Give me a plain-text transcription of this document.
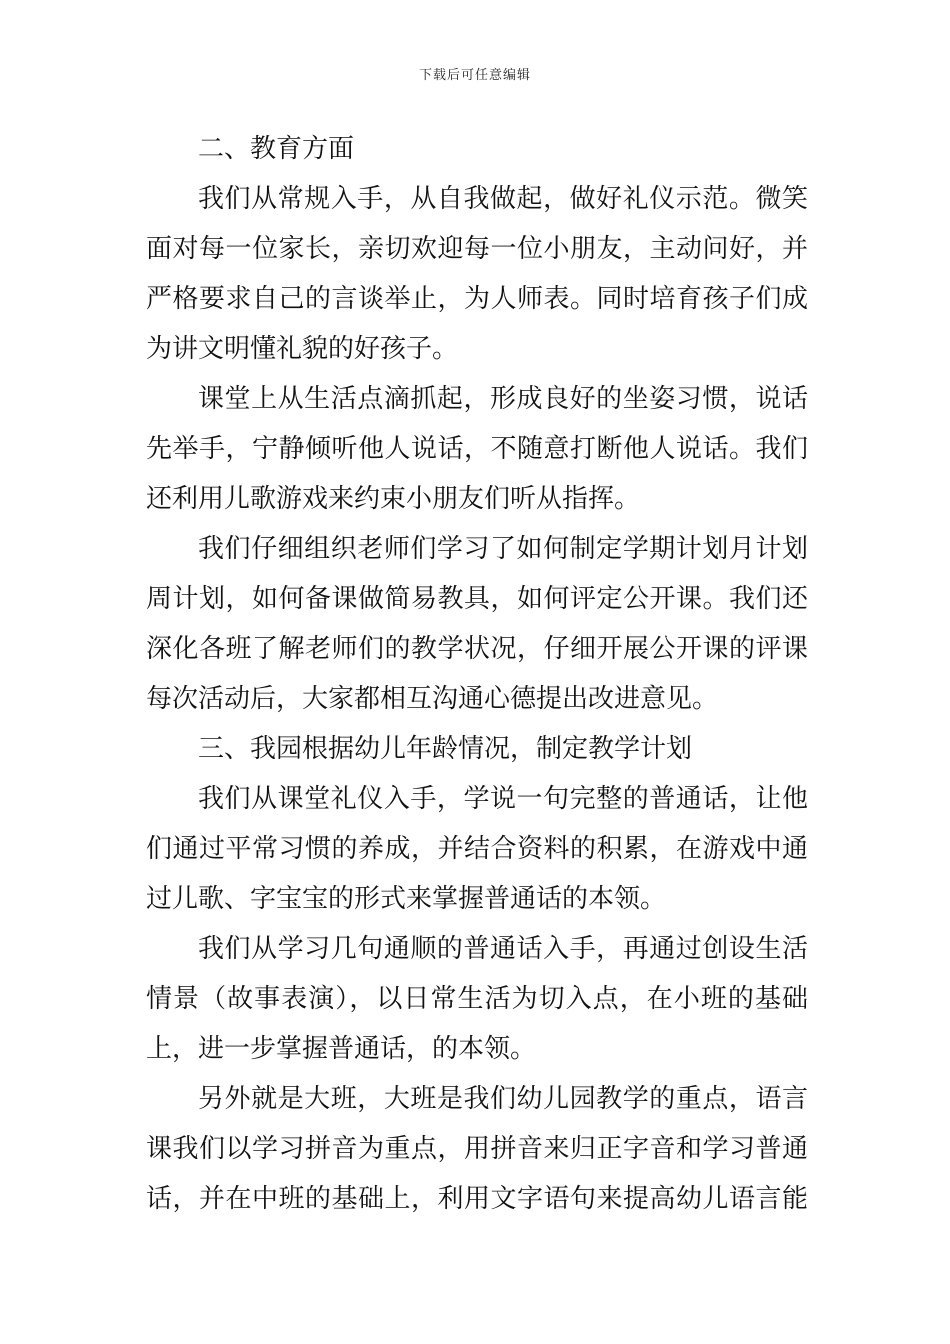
下载后可任意编辑
二、教育方面
我们从常规入手，从自我做起，做好礼仪示范。微笑
面对每一位家长，亲切欢迎每一位小朋友，主动问好，并
严格要求自己的言谈举止，为人师表。同时培育孩子们成
为讲文明懂礼貌的好孩子。
课堂上从生活点滴抓起，形成良好的坐姿习惯，说话
先举手，宁静倾听他人说话，不随意打断他人说话。我们
还利用儿歌游戏来约束小朋友们听从指挥。
我们仔细组织老师们学习了如何制定学期计划月计划
周计划，如何备课做简易教具，如何评定公开课。我们还
深化各班了解老师们的教学状况，仔细开展公开课的评课
每次活动后，大家都相互沟通心德提出改进意见。
三、我园根据幼儿年龄情况，制定教学计划
我们从课堂礼仪入手，学说一句完整的普通话，让他
们通过平常习惯的养成，并结合资料的积累，在游戏中通
过儿歌、字宝宝的形式来掌握普通话的本领。
我们从学习几句通顺的普通话入手，再通过创设生活
情景（故事表演），以日常生活为切入点，在小班的基础
上，进一步掌握普通话，的本领。
另外就是大班，大班是我们幼儿园教学的重点，语言
课我们以学习拼音为重点，用拼音来归正字音和学习普通
话，并在中班的基础上，利用文字语句来提高幼儿语言能
